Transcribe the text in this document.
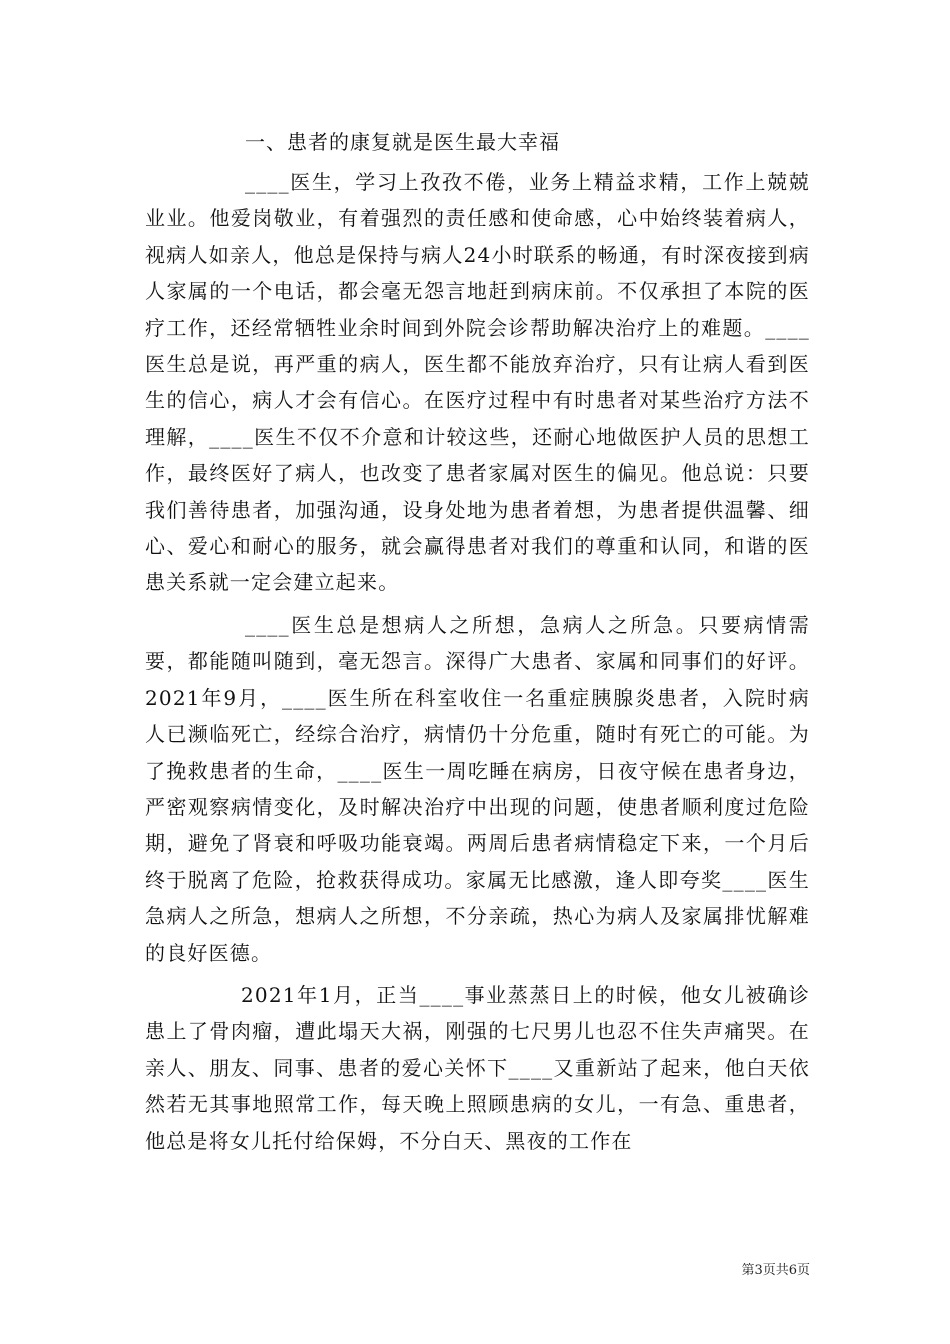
一、患者的康复就是医生最大幸福

____医生，学习上孜孜不倦，业务上精益求精，工作上兢兢业业。他爱岗敬业，有着强烈的责任感和使命感，心中始终装着病人，视病人如亲人，他总是保持与病人24小时联系的畅通，有时深夜接到病人家属的一个电话，都会毫无怨言地赶到病床前。不仅承担了本院的医疗工作，还经常牺牲业余时间到外院会诊帮助解决治疗上的难题。____医生总是说，再严重的病人，医生都不能放弃治疗，只有让病人看到医生的信心，病人才会有信心。在医疗过程中有时患者对某些治疗方法不理解，____医生不仅不介意和计较这些，还耐心地做医护人员的思想工作，最终医好了病人，也改变了患者家属对医生的偏见。他总说：只要我们善待患者，加强沟通，设身处地为患者着想，为患者提供温馨、细心、爱心和耐心的服务，就会赢得患者对我们的尊重和认同，和谐的医患关系就一定会建立起来。

____医生总是想病人之所想，急病人之所急。只要病情需要，都能随叫随到，毫无怨言。深得广大患者、家属和同事们的好评。2021年9月，____医生所在科室收住一名重症胰腺炎患者，入院时病人已濒临死亡，经综合治疗，病情仍十分危重，随时有死亡的可能。为了挽救患者的生命，____医生一周吃睡在病房，日夜守候在患者身边，严密观察病情变化，及时解决治疗中出现的问题，使患者顺利度过危险期，避免了肾衰和呼吸功能衰竭。两周后患者病情稳定下来，一个月后终于脱离了危险，抢救获得成功。家属无比感激，逢人即夸奖____医生急病人之所急，想病人之所想，不分亲疏，热心为病人及家属排忧解难的良好医德。

2021年1月，正当____事业蒸蒸日上的时候，他女儿被确诊患上了骨肉瘤，遭此塌天大祸，刚强的七尺男儿也忍不住失声痛哭。在亲人、朋友、同事、患者的爱心关怀下____又重新站了起来，他白天依然若无其事地照常工作，每天晚上照顾患病的女儿，一有急、重患者，他总是将女儿托付给保姆，不分白天、黑夜的工作在

第3页共6页
